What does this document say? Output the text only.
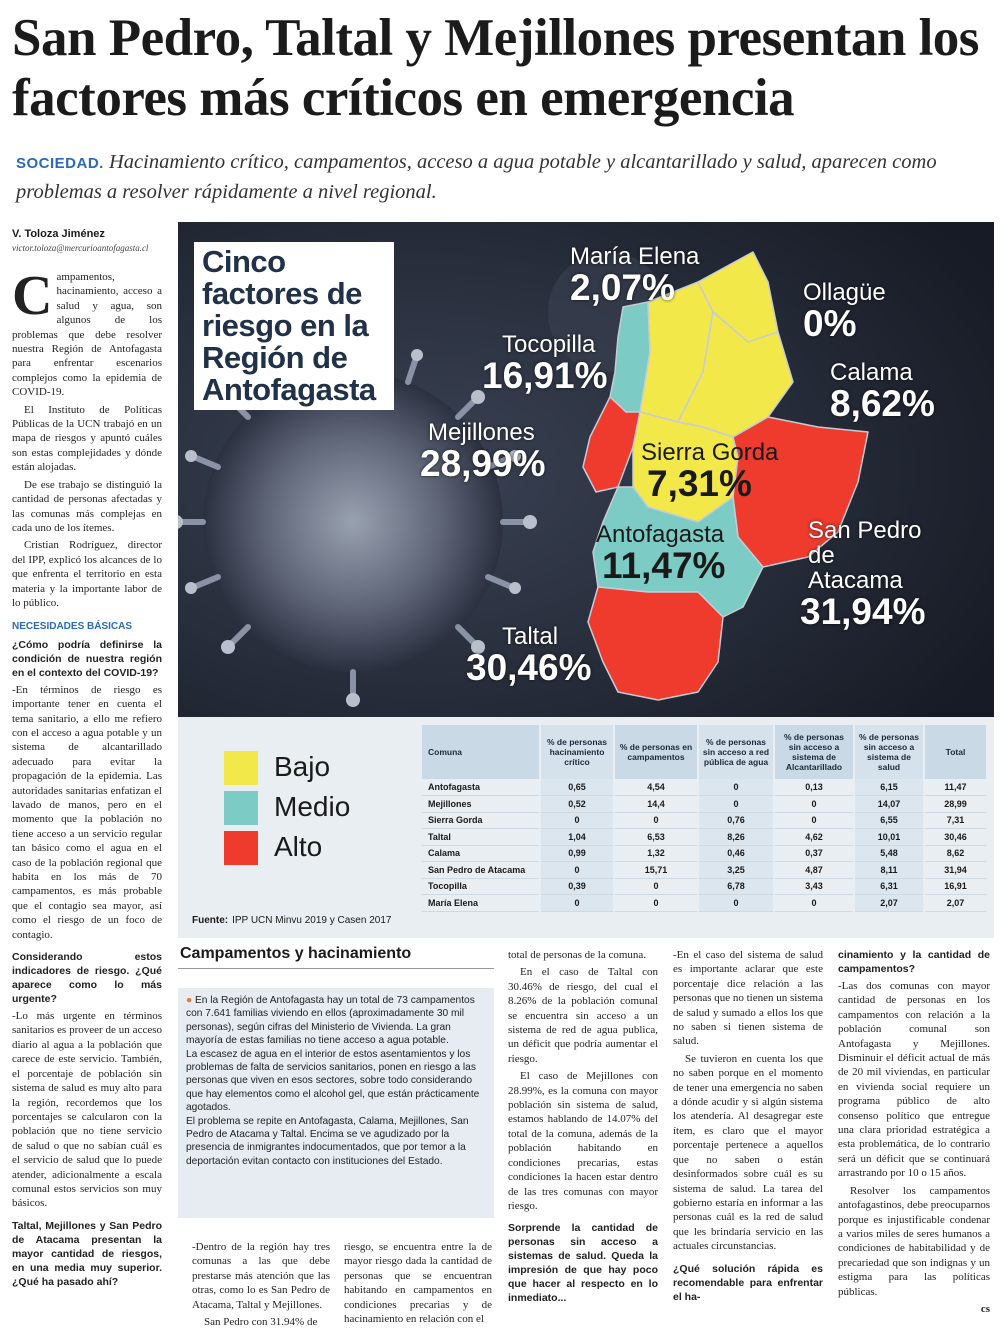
San Pedro, Taltal y Mejillones presentan los factores más críticos en emergencia
SOCIEDAD. Hacinamiento crítico, campamentos, acceso a agua potable y alcantarillado y salud, aparecen como problemas a resolver rápidamente a nivel regional.
V. Toloza Jiménez
victor.toloza@mercurioantofagasta.cl

Campamentos, hacinamiento, acceso a salud y agua, son algunos de los problemas que debe resolver nuestra Región de Antofagasta para enfrentar escenarios complejos como la epidemia de COVID-19.

El Instituto de Políticas Públicas de la UCN trabajó en un mapa de riesgos y apuntó cuáles son estas complejidades y dónde están alojadas.

De ese trabajo se distinguió la cantidad de personas afectadas y las comunas más complejas en cada uno de los ítemes.

Cristian Rodríguez, director del IPP, explicó los alcances de lo que enfrenta el territorio en esta materia y la importante labor de lo público.

NECESIDADES BÁSICAS

¿Cómo podría definirse la condición de nuestra región en el contexto del COVID-19?

-En términos de riesgo es importante tener en cuenta el tema sanitario, a ello me refiero con el acceso a agua potable y un sistema de alcantarillado adecuado para evitar la propagación de la epidemia. Las autoridades sanitarias enfatizan el lavado de manos, pero en el momento que la población no tiene acceso a un servicio regular tan básico como el agua en el caso de la población regional que habita en los más de 70 campamentos, es más probable que el contagio sea mayor, así como el riesgo de un foco de contagio.

Considerando estos indicadores de riesgo. ¿Qué aparece como lo más urgente?

-Lo más urgente en términos sanitarios es proveer de un acceso diario al agua a la población que carece de este servicio. También, el porcentaje de población sin sistema de salud es muy alto para la región, recordemos que los porcentajes se calcularon con la población que no tiene servicio de salud o que no sabían cuál es el servicio de salud que lo puede atender, adicionalmente a escala comunal estos servicios son muy básicos.

Taltal, Mejillones y San Pedro de Atacama presentan la mayor cantidad de riesgos, en una media muy superior. ¿Qué ha pasado ahí?

Cinco factores de riesgo en la Región de Antofagasta
María Elena
2,07%	Ollagüe
0%
Tocopilla
16,91%	Calama
8,62%
Mejillones
28,99%	Sierra Gorda
7,31%
San Pedro
de
Atacama
31,94%
Antofagasta
11,47%
Taltal
30,46%
Bajo
Medio
Alto
Comuna	% de personas hacinamiento crítico	% de personas en campamentos	% de personas sin acceso a red pública de agua	% de personas sin acceso a sistema de Alcantarillado	% de personas sin acceso a sistema de salud	Total
Antofagasta	0,65	4,54	0	0,13	6,15	11,47
Mejillones	0,52	14,4	0	0	14,07	28,99
Sierra Gorda	0	0	0,76	0	6,55	7,31
Taltal	1,04	6,53	8,26	4,62	10,01	30,46
Calama	0,99	1,32	0,46	0,37	5,48	8,62
San Pedro de Atacama	0	15,71	3,25	4,87	8,11	31,94
Tocopilla	0,39	0	6,78	3,43	6,31	16,91
María Elena	0	0	0	0	2,07	2,07
Fuente: IPP UCN Minvu 2019 y Casen 2017
Campamentos y hacinamiento

● En la Región de Antofagasta hay un total de 73 campamentos con 7.641 familias viviendo en ellos (aproximadamente 30 mil personas), según cifras del Ministerio de Vivienda. La gran mayoría de estas familias no tiene acceso a agua potable.

La escasez de agua en el interior de estos asentamientos y los problemas de falta de servicios sanitarios, ponen en riesgo a las personas que viven en esos sectores, sobre todo considerando que hay elementos como el alcohol gel, que están prácticamente agotados.

El problema se repite en Antofagasta, Calama, Mejillones, San Pedro de Atacama y Taltal. Encima se ve agudizado por la presencia de inmigrantes indocumentados, que por temor a la deportación evitan contacto con instituciones del Estado.

-Dentro de la región hay tres comunas a las que debe prestarse más atención que las otras, como lo es San Pedro de Atacama, Taltal y Mejillones.

San Pedro con 31.94% de

riesgo, se encuentra entre la de mayor riesgo dada la cantidad de personas que se encuentran habitando en campamentos en condiciones precarias y de hacinamiento en relación con el

total de personas de la comuna.

En el caso de Taltal con 30.46% de riesgo, del cual el 8.26% de la población comunal se encuentra sin acceso a un sistema de red de agua publica, un déficit que podría aumentar el riesgo.

El caso de Mejillones con 28.99%, es la comuna con mayor población sin sistema de salud, estamos hablando de 14.07% del total de la comuna, además de la población habitando en condiciones precarias, estas condiciones la hacen estar dentro de las tres comunas con mayor riesgo.

Sorprende la cantidad de personas sin acceso a sistemas de salud. Queda la impresión de que hay poco que hacer al respecto en lo inmediato...

-En el caso del sistema de salud es importante aclarar que este porcentaje dice relación a las personas que no tienen un sistema de salud y sumado a ellos los que no saben si tienen sistema de salud.

Se tuvieron en cuenta los que no saben porque en el momento de tener una emergencia no saben a dónde acudir y si algún sistema los atendería. Al desagregar este ítem, es claro que el mayor porcentaje pertenece a aquellos que no saben o están desinformados sobre cuál es su sistema de salud. La tarea del gobierno estaría en informar a las personas cuál es la red de salud que les brindaría servicio en las actuales circunstancias.

¿Qué solución rápida es recomendable para enfrentar el ha-

cinamiento y la cantidad de campamentos?

-Las dos comunas con mayor cantidad de personas en los campamentos con relación a la población comunal son Antofagasta y Mejillones. Disminuir el déficit actual de más de 20 mil viviendas, en particular en vivienda social requiere un programa público de alto consenso político que entregue una clara prioridad estratégica a esta problemática, de lo contrario será un déficit que se continuará arrastrando por 10 o 15 años.

Resolver los campamentos antofagastinos, debe preocuparnos porque es injustificable condenar a varios miles de seres humanos a condiciones de habitabilidad y de precariedad que son indignas y un estigma para las políticas públicas.

cs
